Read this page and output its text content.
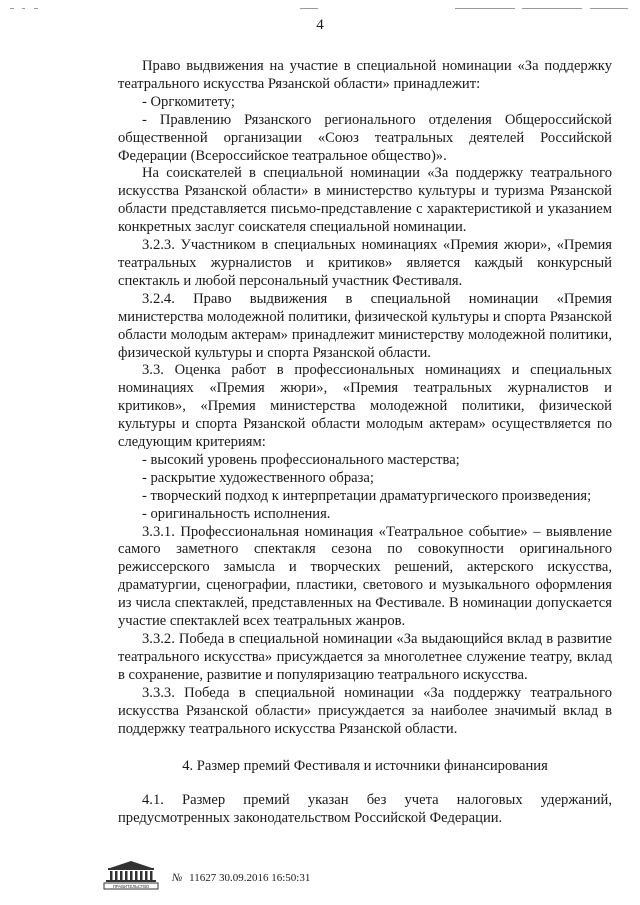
4

Право выдвижения на участие в специальной номинации «За поддержку театрального искусства Рязанской области» принадлежит:

- Оргкомитету;

- Правлению Рязанского регионального отделения Общероссийской общественной организации «Союз театральных деятелей Российской Федерации (Всероссийское театральное общество)».

На соискателей в специальной номинации «За поддержку театрального искусства Рязанской области» в министерство культуры и туризма Рязанской области представляется письмо-представление с характеристикой и указанием конкретных заслуг соискателя специальной номинации.

3.2.3. Участником в специальных номинациях «Премия жюри», «Премия театральных журналистов и критиков» является каждый конкурсный спектакль и любой персональный участник Фестиваля.

3.2.4. Право выдвижения в специальной номинации «Премия министерства молодежной политики, физической культуры и спорта Рязанской области молодым актерам» принадлежит министерству молодежной политики, физической культуры и спорта Рязанской области.

3.3. Оценка работ в профессиональных номинациях и специальных номинациях «Премия жюри», «Премия театральных журналистов и критиков», «Премия министерства молодежной политики, физической культуры и спорта Рязанской области молодым актерам» осуществляется по следующим критериям:

- высокий уровень профессионального мастерства;

- раскрытие художественного образа;

- творческий подход к интерпретации драматургического произведения;

- оригинальность исполнения.

3.3.1. Профессиональная номинация «Театральное событие» – выявление самого заметного спектакля сезона по совокупности оригинального режиссерского замысла и творческих решений, актерского искусства, драматургии, сценографии, пластики, светового и музыкального оформления из числа спектаклей, представленных на Фестивале. В номинации допускается участие спектаклей всех театральных жанров.

3.3.2. Победа в специальной номинации «За выдающийся вклад в развитие театрального искусства» присуждается за многолетнее служение театру, вклад в сохранение, развитие и популяризацию театрального искусства.

3.3.3. Победа в специальной номинации «За поддержку театрального искусства Рязанской области» присуждается за наиболее значимый вклад в поддержку театрального искусства Рязанской области.

4. Размер премий Фестиваля и источники финансирования

4.1. Размер премий указан без учета налоговых удержаний, предусмотренных законодательством Российской Федерации.

ПРАВИТЕЛЬСТВО
№ 11627 30.09.2016 16:50:31
